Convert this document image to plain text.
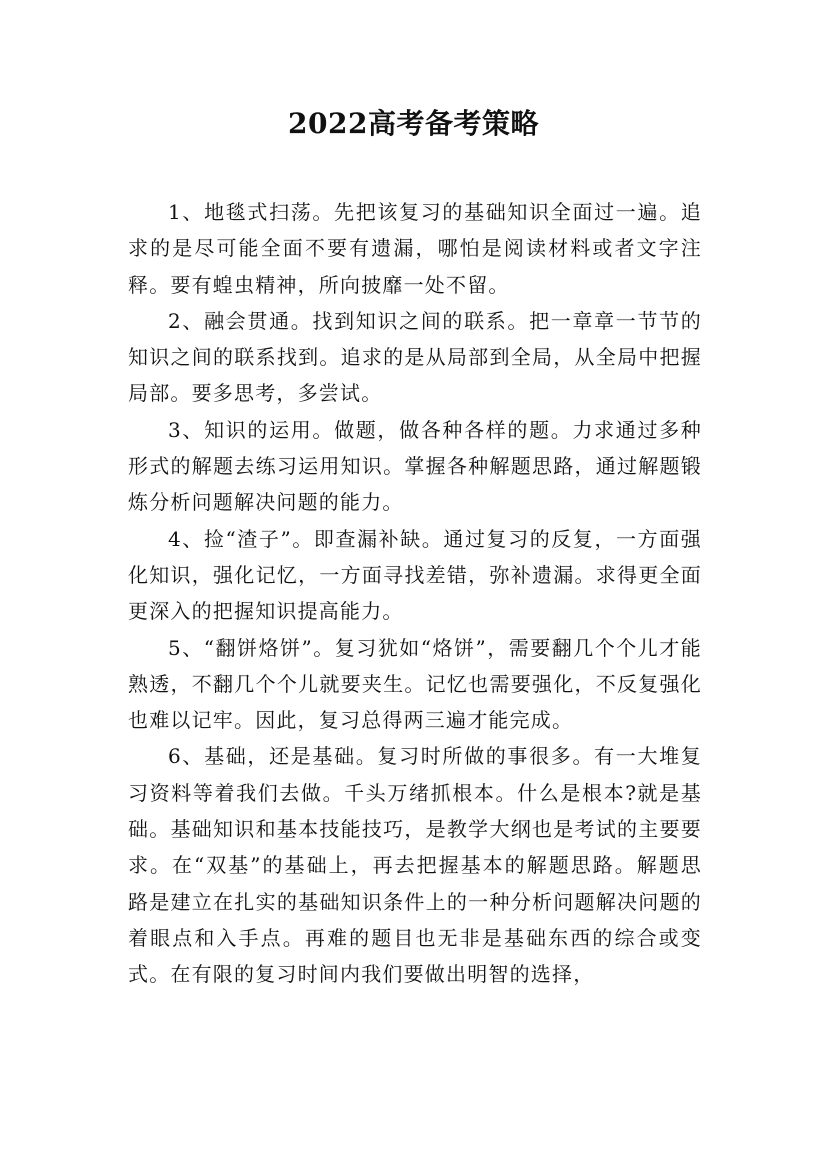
2022高考备考策略

1、地毯式扫荡。先把该复习的基础知识全面过一遍。追求的是尽可能全面不要有遗漏，哪怕是阅读材料或者文字注释。要有蝗虫精神，所向披靡一处不留。

2、融会贯通。找到知识之间的联系。把一章章一节节的知识之间的联系找到。追求的是从局部到全局，从全局中把握局部。要多思考，多尝试。

3、知识的运用。做题，做各种各样的题。力求通过多种形式的解题去练习运用知识。掌握各种解题思路，通过解题锻炼分析问题解决问题的能力。

4、捡“渣子”。即查漏补缺。通过复习的反复，一方面强化知识，强化记忆，一方面寻找差错，弥补遗漏。求得更全面更深入的把握知识提高能力。

5、“翻饼烙饼”。复习犹如“烙饼”，需要翻几个个儿才能熟透，不翻几个个儿就要夹生。记忆也需要强化，不反复强化也难以记牢。因此，复习总得两三遍才能完成。

6、基础，还是基础。复习时所做的事很多。有一大堆复习资料等着我们去做。千头万绪抓根本。什么是根本?就是基础。基础知识和基本技能技巧，是教学大纲也是考试的主要要求。在“双基”的基础上，再去把握基本的解题思路。解题思路是建立在扎实的基础知识条件上的一种分析问题解决问题的着眼点和入手点。再难的题目也无非是基础东西的综合或变式。在有限的复习时间内我们要做出明智的选择，
